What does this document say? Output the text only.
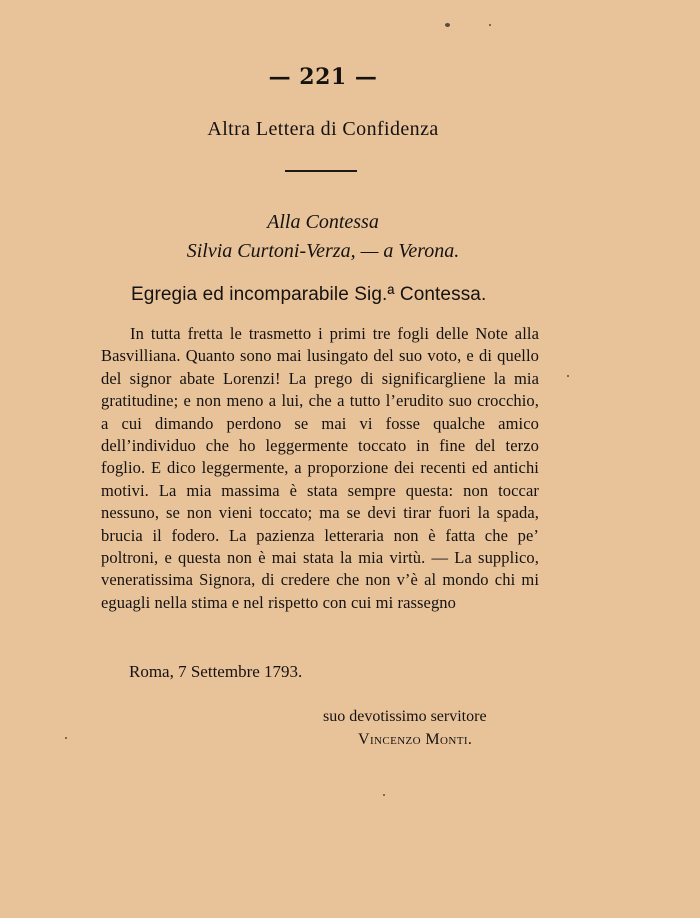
— 221 —
Altra Lettera di Confidenza
Alla Contessa
Silvia Curtoni-Verza, — a Verona.
Egregia ed incomparabile Sig.ª Contessa.
In tutta fretta le trasmetto i primi tre fogli delle Note alla Basvilliana. Quanto sono mai lusingato del suo voto, e di quello del signor abate Lorenzi! La prego di significargliene la mia gratitudine; e non meno a lui, che a tutto l’erudito suo crocchio, a cui dimando perdono se mai vi fosse qualche amico dell’individuo che ho leggermente toccato in fine del terzo foglio. E dico leggermente, a proporzione dei recenti ed antichi motivi. La mia massima è stata sempre questa: non toccar nessuno, se non vieni toccato; ma se devi tirar fuori la spada, brucia il fodero. La pazienza letteraria non è fatta che pe’ poltroni, e questa non è mai stata la mia virtù. — La supplico, veneratissima Signora, di credere che non v’è al mondo chi mi eguagli nella stima e nel rispetto con cui mi rassegno
Roma, 7 Settembre 1793.
suo devotissimo servitore
Vincenzo Monti.
